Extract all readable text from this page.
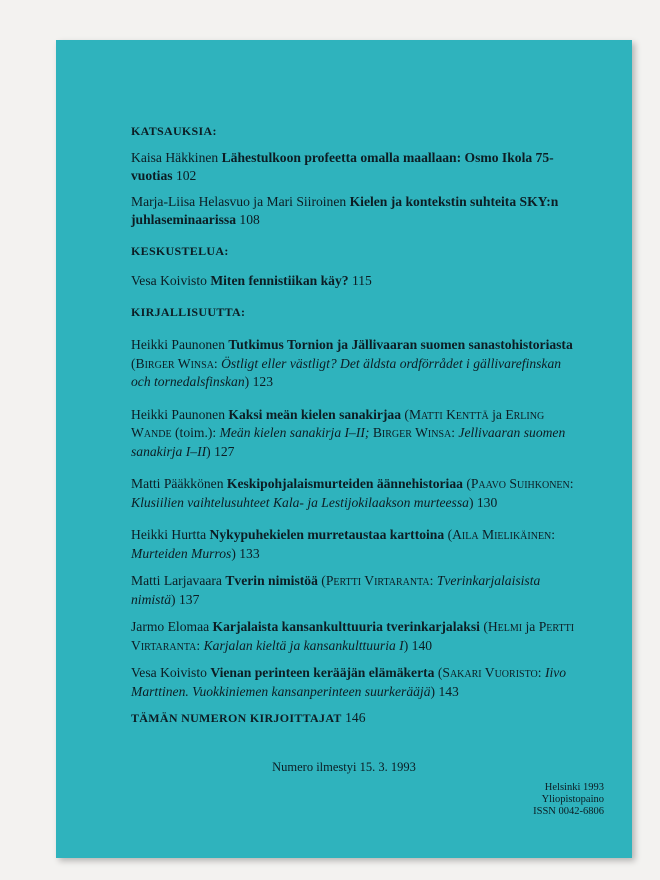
KATSAUKSIA:

Kaisa Häkkinen Lähestulkoon profeetta omalla maallaan: Osmo Ikola 75-vuotias 102

Marja-Liisa Helasvuo ja Mari Siiroinen Kielen ja kontekstin suhteita SKY:n juhlaseminaarissa 108

KESKUSTELUA:

Vesa Koivisto Miten fennistiikan käy? 115

KIRJALLISUUTTA:

Heikki Paunonen Tutkimus Tornion ja Jällivaaran suomen sanastohistoriasta (Birger Winsa: Östligt eller västligt? Det äldsta ordförrådet i gällivarefinskan och tornedalsfinskan) 123

Heikki Paunonen Kaksi meän kielen sanakirjaa (Matti Kenttä ja Erling Wande (toim.): Meän kielen sanakirja I–II; Birger Winsa: Jellivaaran suomen sanakirja I–II) 127

Matti Pääkkönen Keskipohjalaismurteiden äännehistoriaa (Paavo Suihkonen: Klusiilien vaihtelusuhteet Kala- ja Lestijokilaakson murteessa) 130

Heikki Hurtta Nykypuhekielen murretaustaa karttoina (Aila Mielikäinen: Murteiden Murros) 133

Matti Larjavaara Tverin nimistöä (Pertti Virtaranta: Tverinkarjalaisista nimistä) 137

Jarmo Elomaa Karjalaista kansankulttuuria tverinkarjalaksi (Helmi ja Pertti Virtaranta: Karjalan kieltä ja kansankulttuuria I) 140

Vesa Koivisto Vienan perinteen kerääjän elämäkerta (Sakari Vuoristo: Iivo Marttinen. Vuokkiniemen kansanperinteen suurkerääjä) 143

TÄMÄN NUMERON KIRJOITTAJAT 146

Numero ilmestyi 15. 3. 1993
Helsinki 1993
Yliopistopaino
ISSN 0042-6806
